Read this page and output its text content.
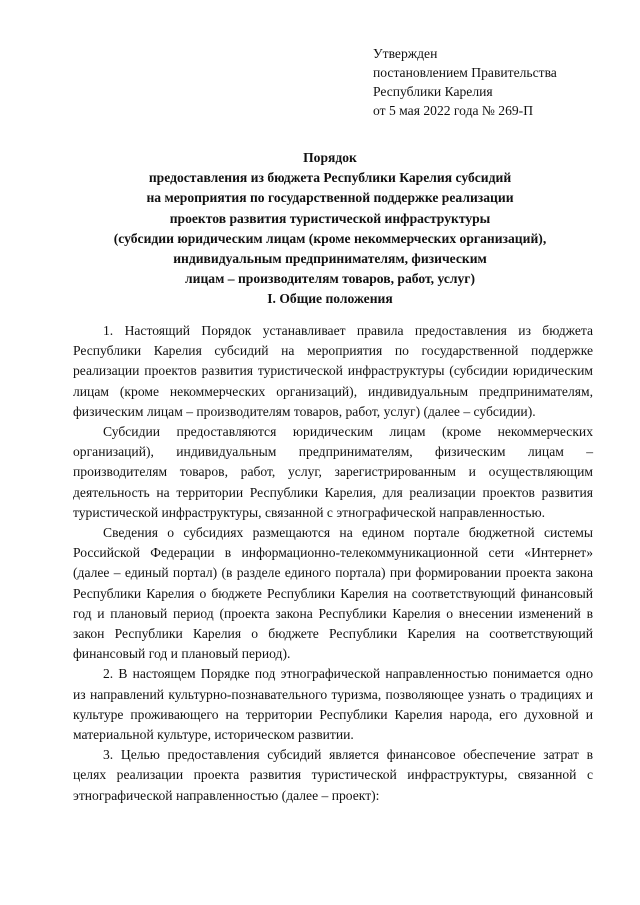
Утвержден
постановлением Правительства
Республики Карелия
от 5 мая 2022 года № 269-П
Порядок
предоставления из бюджета Республики Карелия субсидий
на мероприятия по государственной поддержке реализации
проектов развития туристической инфраструктуры
(субсидии юридическим лицам (кроме некоммерческих организаций),
индивидуальным предпринимателям, физическим
лицам – производителям товаров, работ, услуг)
I. Общие положения

1. Настоящий Порядок устанавливает правила предоставления из бюджета Республики Карелия субсидий на мероприятия по государственной поддержке реализации проектов развития туристической инфраструктуры (субсидии юридическим лицам (кроме некоммерческих организаций), индивидуальным предпринимателям, физическим лицам – производителям товаров, работ, услуг) (далее – субсидии).

Субсидии предоставляются юридическим лицам (кроме некоммерческих организаций), индивидуальным предпринимателям, физическим лицам – производителям товаров, работ, услуг, зарегистрированным и осуществляющим деятельность на территории Республики Карелия, для реализации проектов развития туристической инфраструктуры, связанной с этнографической направленностью.

Сведения о субсидиях размещаются на едином портале бюджетной системы Российской Федерации в информационно-телекоммуникационной сети «Интернет» (далее – единый портал) (в разделе единого портала) при формировании проекта закона Республики Карелия о бюджете Республики Карелия на соответствующий финансовый год и плановый период (проекта закона Республики Карелия о внесении изменений в закон Республики Карелия о бюджете Республики Карелия на соответствующий финансовый год и плановый период).

2. В настоящем Порядке под этнографической направленностью понимается одно из направлений культурно-познавательного туризма, позволяющее узнать о традициях и культуре проживающего на территории Республики Карелия народа, его духовной и материальной культуре, историческом развитии.

3. Целью предоставления субсидий является финансовое обеспечение затрат в целях реализации проекта развития туристической инфраструктуры, связанной с этнографической направленностью (далее – проект):
